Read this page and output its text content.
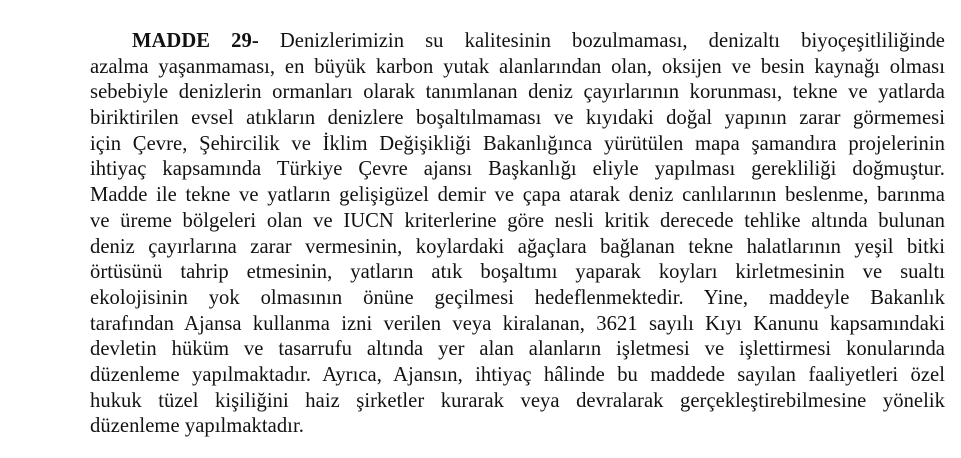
MADDE 29- Denizlerimizin su kalitesinin bozulmaması, denizaltı biyoçeşitliliğinde
azalma yaşanmaması, en büyük karbon yutak alanlarından olan, oksijen ve besin kaynağı olması
sebebiyle denizlerin ormanları olarak tanımlanan deniz çayırlarının korunması, tekne ve yatlarda
biriktirilen evsel atıkların denizlere boşaltılmaması ve kıyıdaki doğal yapının zarar görmemesi
için Çevre, Şehircilik ve İklim Değişikliği Bakanlığınca yürütülen mapa şamandıra projelerinin
ihtiyaç kapsamında Türkiye Çevre ajansı Başkanlığı eliyle yapılması gerekliliği doğmuştur.
Madde ile tekne ve yatların gelişigüzel demir ve çapa atarak deniz canlılarının beslenme, barınma
ve üreme bölgeleri olan ve IUCN kriterlerine göre nesli kritik derecede tehlike altında bulunan
deniz çayırlarına zarar vermesinin, koylardaki ağaçlara bağlanan tekne halatlarının yeşil bitki
örtüsünü tahrip etmesinin, yatların atık boşaltımı yaparak koyları kirletmesinin ve sualtı
ekolojisinin yok olmasının önüne geçilmesi hedeflenmektedir. Yine, maddeyle Bakanlık
tarafından Ajansa kullanma izni verilen veya kiralanan, 3621 sayılı Kıyı Kanunu kapsamındaki
devletin hüküm ve tasarrufu altında yer alan alanların işletmesi ve işlettirmesi konularında
düzenleme yapılmaktadır. Ayrıca, Ajansın, ihtiyaç hâlinde bu maddede sayılan faaliyetleri özel
hukuk tüzel kişiliğini haiz şirketler kurarak veya devralarak gerçekleştirebilmesine yönelik
düzenleme yapılmaktadır.
